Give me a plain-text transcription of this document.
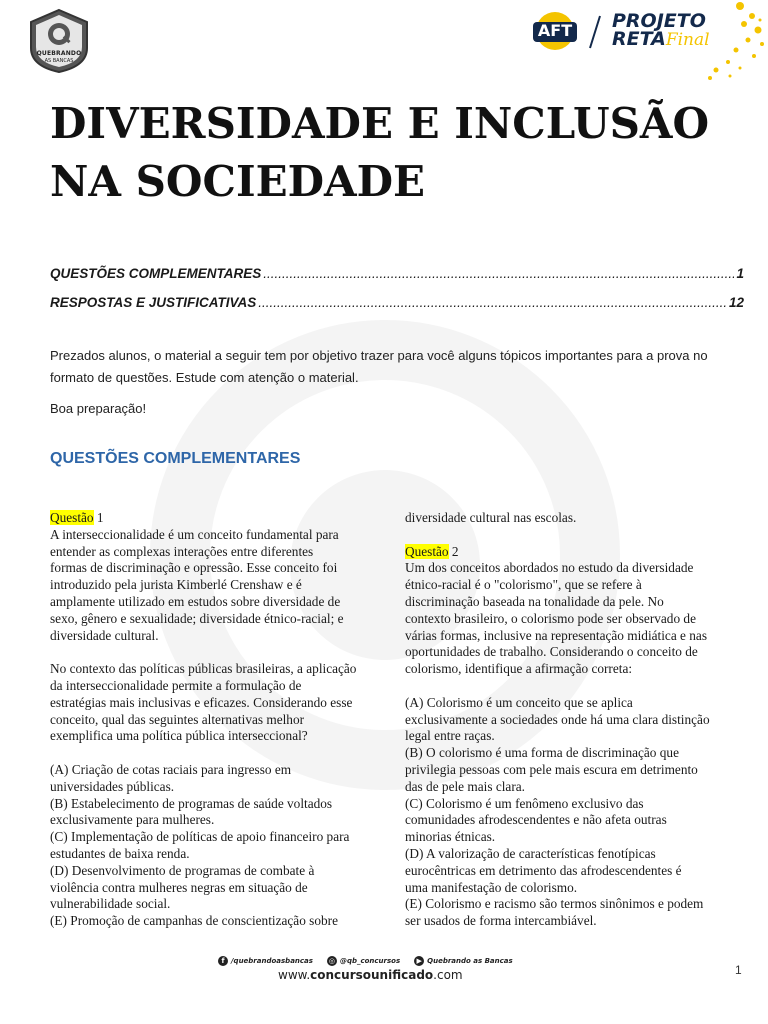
QUEBRANDO
AS BANCAS
AFT	PROJETO
RETAFinal
DIVERSIDADE E INCLUSÃO NA SOCIEDADE
QUESTÕES COMPLEMENTARES .....	1
RESPOSTAS E JUSTIFICATIVAS .....	12

Prezados alunos, o material a seguir tem por objetivo trazer para você alguns tópicos importantes para a prova no formato de questões. Estude com atenção o material.

Boa preparação!

QUESTÕES COMPLEMENTARES
Questão 1
A interseccionalidade é um conceito fundamental para
entender as complexas interações entre diferentes
formas de discriminação e opressão. Esse conceito foi
introduzido pela jurista Kimberlé Crenshaw e é
amplamente utilizado em estudos sobre diversidade de
sexo, gênero e sexualidade; diversidade étnico-racial; e
diversidade cultural.
No contexto das políticas públicas brasileiras, a aplicação
da interseccionalidade permite a formulação de
estratégias mais inclusivas e eficazes. Considerando esse
conceito, qual das seguintes alternativas melhor
exemplifica uma política pública interseccional?
(A) Criação de cotas raciais para ingresso em
universidades públicas.
(B) Estabelecimento de programas de saúde voltados
exclusivamente para mulheres.
(C) Implementação de políticas de apoio financeiro para
estudantes de baixa renda.
(D) Desenvolvimento de programas de combate à
violência contra mulheres negras em situação de
vulnerabilidade social.
(E) Promoção de campanhas de conscientização sobre
diversidade cultural nas escolas.
Questão 2
Um dos conceitos abordados no estudo da diversidade
étnico-racial é o "colorismo", que se refere à
discriminação baseada na tonalidade da pele. No
contexto brasileiro, o colorismo pode ser observado de
várias formas, inclusive na representação midiática e nas
oportunidades de trabalho. Considerando o conceito de
colorismo, identifique a afirmação correta:
(A) Colorismo é um conceito que se aplica
exclusivamente a sociedades onde há uma clara distinção
legal entre raças.
(B) O colorismo é uma forma de discriminação que
privilegia pessoas com pele mais escura em detrimento
das de pele mais clara.
(C) Colorismo é um fenômeno exclusivo das
comunidades afrodescendentes e não afeta outras
minorias étnicas.
(D) A valorização de características fenotípicas
eurocêntricas em detrimento das afrodescendentes é
uma manifestação de colorismo.
(E) Colorismo e racismo são termos sinônimos e podem
ser usados de forma intercambiável.
f /quebrandoasbancas ◎ @qb_concursos	▶ Quebrando as Bancas
www.concursounificado.com	1
